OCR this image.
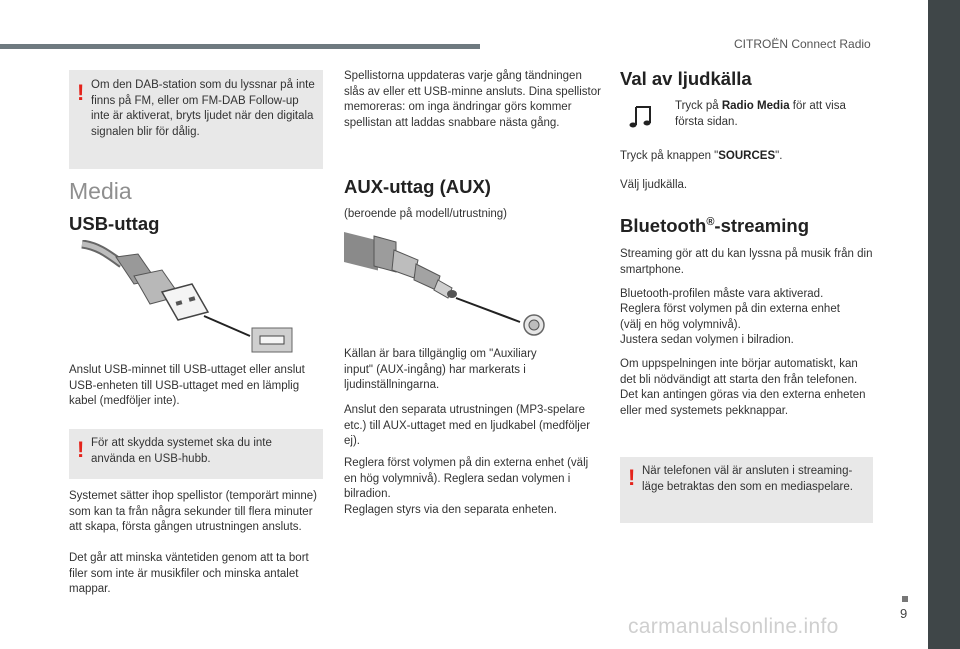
CITROËN Connect Radio
9
carmanualsonline.info
! Om den DAB-station som du lyssnar på inte finns på FM, eller om FM-DAB Follow-up inte är aktiverat, bryts ljudet när den digitala signalen blir för dålig.
Media
USB-uttag

Anslut USB-minnet till USB-uttaget eller anslut USB-enheten till USB-uttaget med en lämplig kabel (medföljer inte).

! För att skydda systemet ska du inte använda en USB-hubb.

Systemet sätter ihop spellistor (temporärt minne) som kan ta från några sekunder till flera minuter att skapa, första gången utrustningen ansluts.

Det går att minska väntetiden genom att ta bort filer som inte är musikfiler och minska antalet mappar.

Spellistorna uppdateras varje gång tändningen slås av eller ett USB-minne ansluts. Dina spellistor memoreras: om inga ändringar görs kommer spellistan att laddas snabbare nästa gång.

AUX-uttag (AUX)

(beroende på modell/utrustning)

Källan är bara tillgänglig om "Auxiliary input" (AUX-ingång) har markerats i ljudinställningarna.

Anslut den separata utrustningen (MP3-spelare etc.) till AUX-uttaget med en ljudkabel (medföljer ej).

Reglera först volymen på din externa enhet (välj en hög volymnivå). Reglera sedan volymen i bilradion.

Reglagen styrs via den separata enheten.

Val av ljudkälla

Tryck på Radio Media för att visa första sidan.

Tryck på knappen "SOURCES".

Välj ljudkälla.

Bluetooth®-streaming

Streaming gör att du kan lyssna på musik från din smartphone.

Bluetooth-profilen måste vara aktiverad.

Reglera först volymen på din externa enhet (välj en hög volymnivå).

Justera sedan volymen i bilradion.

Om uppspelningen inte börjar automatiskt, kan det bli nödvändigt att starta den från telefonen. Det kan antingen göras via den externa enheten eller med systemets pekknappar.

! När telefonen väl är ansluten i streaming-läge betraktas den som en mediaspelare.
